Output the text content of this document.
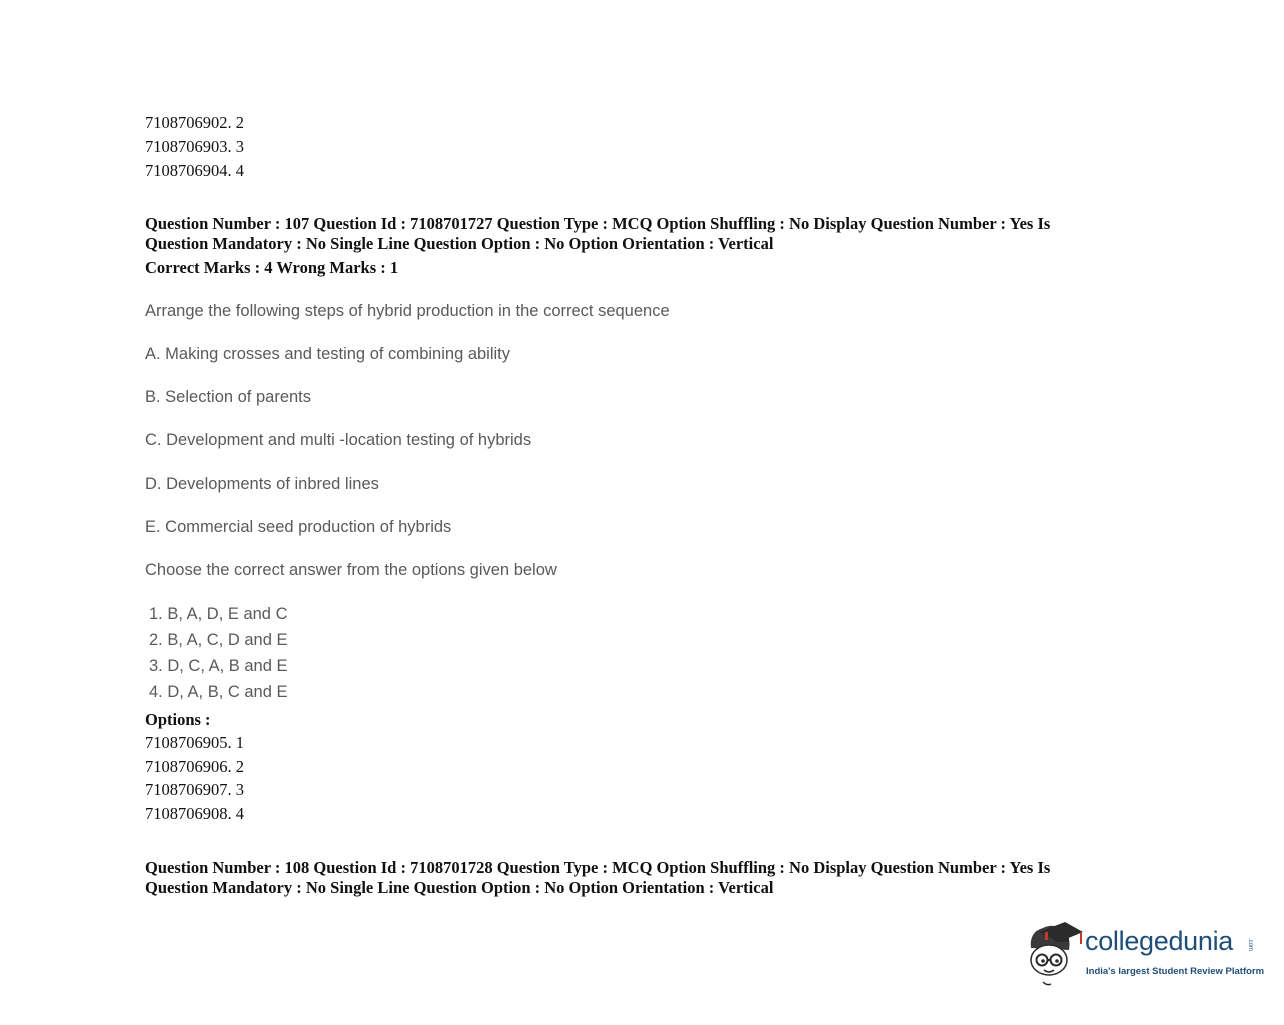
7108706902. 2
7108706903. 3
7108706904. 4
Question Number : 107 Question Id : 7108701727 Question Type : MCQ Option Shuffling : No Display Question Number : Yes Is
Question Mandatory : No Single Line Question Option : No Option Orientation : Vertical
Correct Marks : 4 Wrong Marks : 1
Arrange the following steps of hybrid production in the correct sequence
A. Making crosses and testing of combining ability
B. Selection of parents
C. Development and multi -location testing of hybrids
D. Developments of inbred lines
E. Commercial seed production of hybrids
Choose the correct answer from the options given below
1. B, A, D, E and C
2. B, A, C, D and E
3. D, C, A, B and E
4. D, A, B, C and E
Options :
7108706905. 1
7108706906. 2
7108706907. 3
7108706908. 4
Question Number : 108 Question Id : 7108701728 Question Type : MCQ Option Shuffling : No Display Question Number : Yes Is
Question Mandatory : No Single Line Question Option : No Option Orientation : Vertical
collegedunia .com
India's largest Student Review Platform
